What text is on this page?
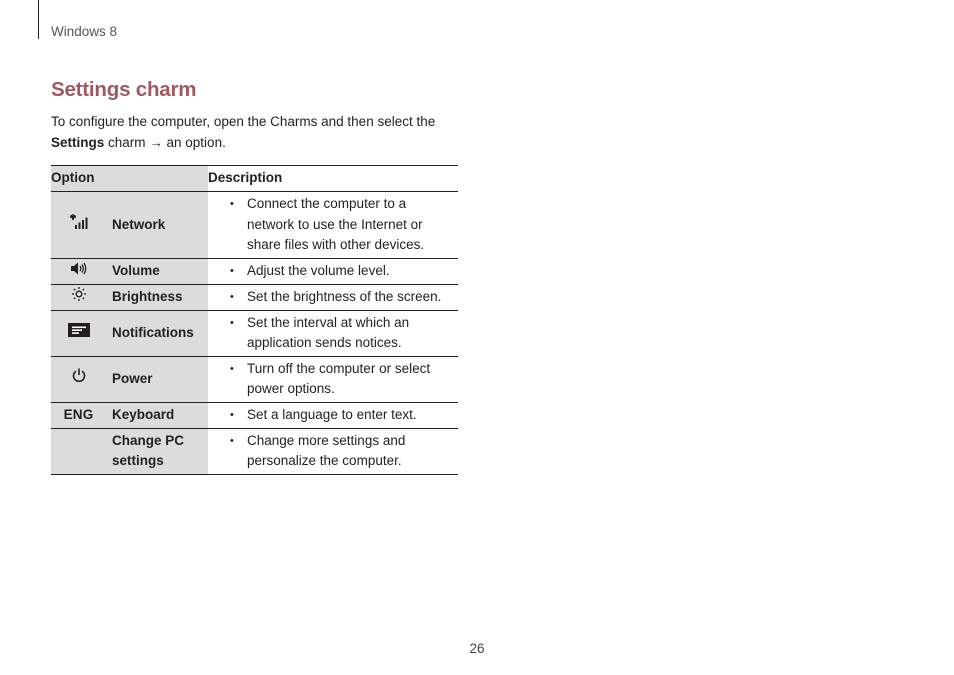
Windows 8
Settings charm

To configure the computer, open the Charms and then select the Settings charm → an option.

Option		Description
	Network	• Connect the computer to a network to use the Internet or share files with other devices.

	Volume	• Adjust the volume level.

	Brightness	• Set the brightness of the screen.

	Notifications	• Set the interval at which an application sends notices.

	Power	• Turn off the computer or select power options.

ENG	Keyboard	• Set a language to enter text.

	Change PC settings	• Change more settings and personalize the computer.
26
